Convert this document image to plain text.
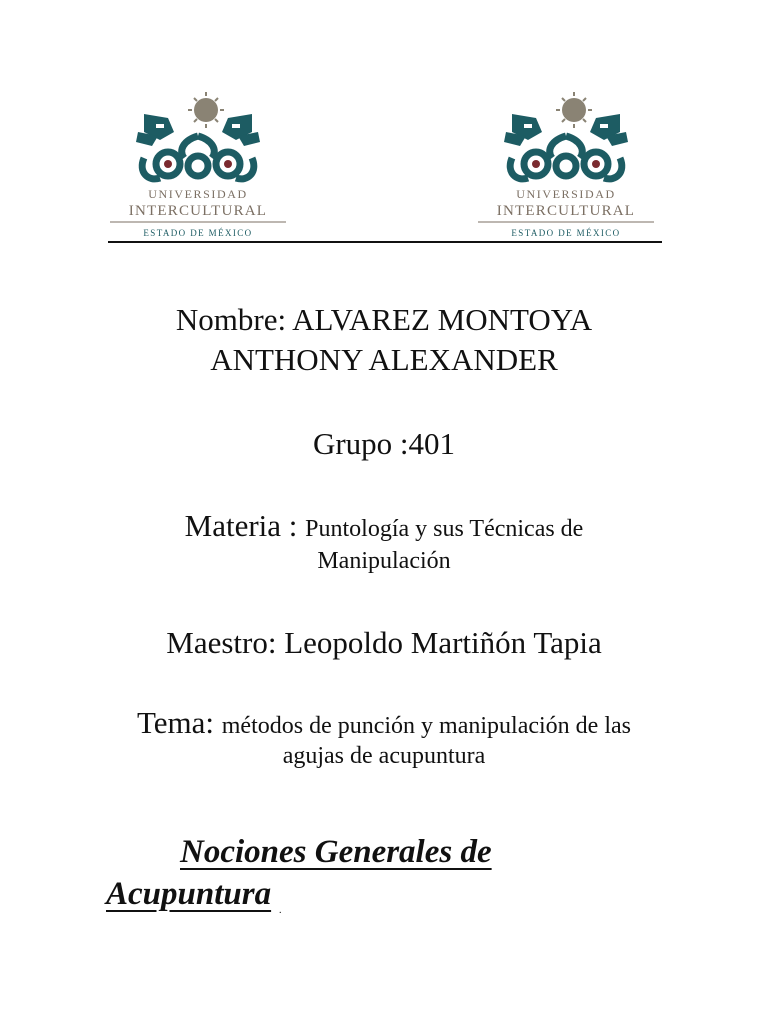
UNIVERSIDAD
INTERCULTURAL
ESTADO DE MÉXICO
UNIVERSIDAD
INTERCULTURAL
ESTADO DE MÉXICO
Nombre: ALVAREZ MONTOYA
ANTHONY ALEXANDER
Grupo :401
Materia : Puntología y sus Técnicas de
Manipulación
Maestro: Leopoldo Martiñón Tapia
Tema: métodos de punción y manipulación de las
agujas de acupuntura
Nociones Generales de
Acupuntura .
